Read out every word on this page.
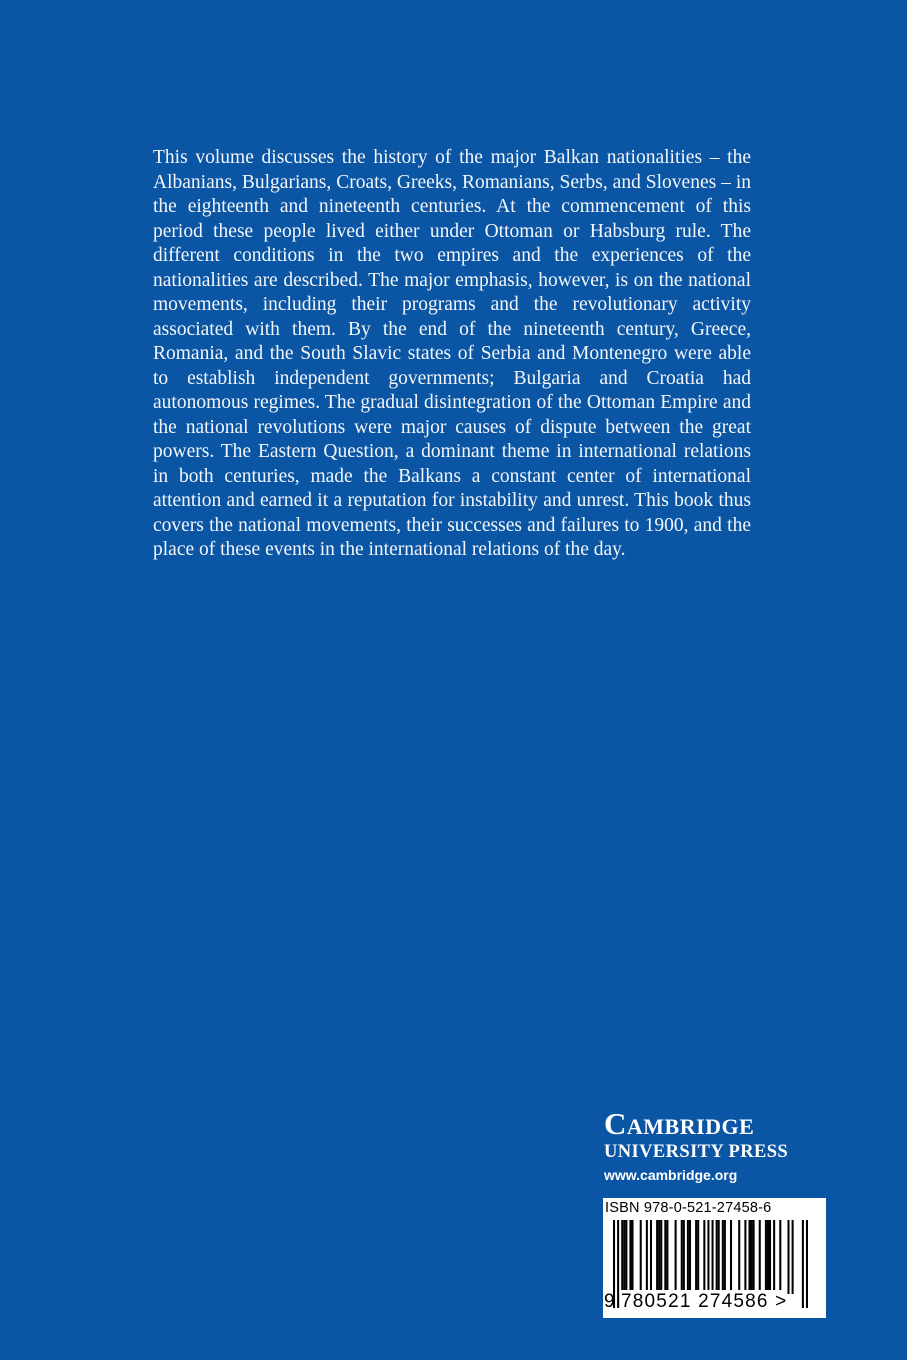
This volume discusses the history of the major Balkan nationalities – the Albanians, Bulgarians, Croats, Greeks, Romanians, Serbs, and Slovenes – in the eighteenth and nineteenth centuries. At the commencement of this period these people lived either under Ottoman or Habsburg rule. The different conditions in the two empires and the experiences of the nationalities are described. The major emphasis, however, is on the national movements, including their programs and the revolutionary activity associated with them. By the end of the nineteenth century, Greece, Romania, and the South Slavic states of Serbia and Montenegro were able to establish independent governments; Bulgaria and Croatia had autonomous regimes. The gradual disintegration of the Ottoman Empire and the national revolutions were major causes of dispute between the great powers. The Eastern Question, a dominant theme in international relations in both centuries, made the Balkans a constant center of international attention and earned it a reputation for instability and unrest. This book thus covers the national movements, their successes and failures to 1900, and the place of these events in the international relations of the day.

Cambridge
UNIVERSITY PRESS
www.cambridge.org

ISBN 978-0-521-27458-6

9 780521 274586 >
